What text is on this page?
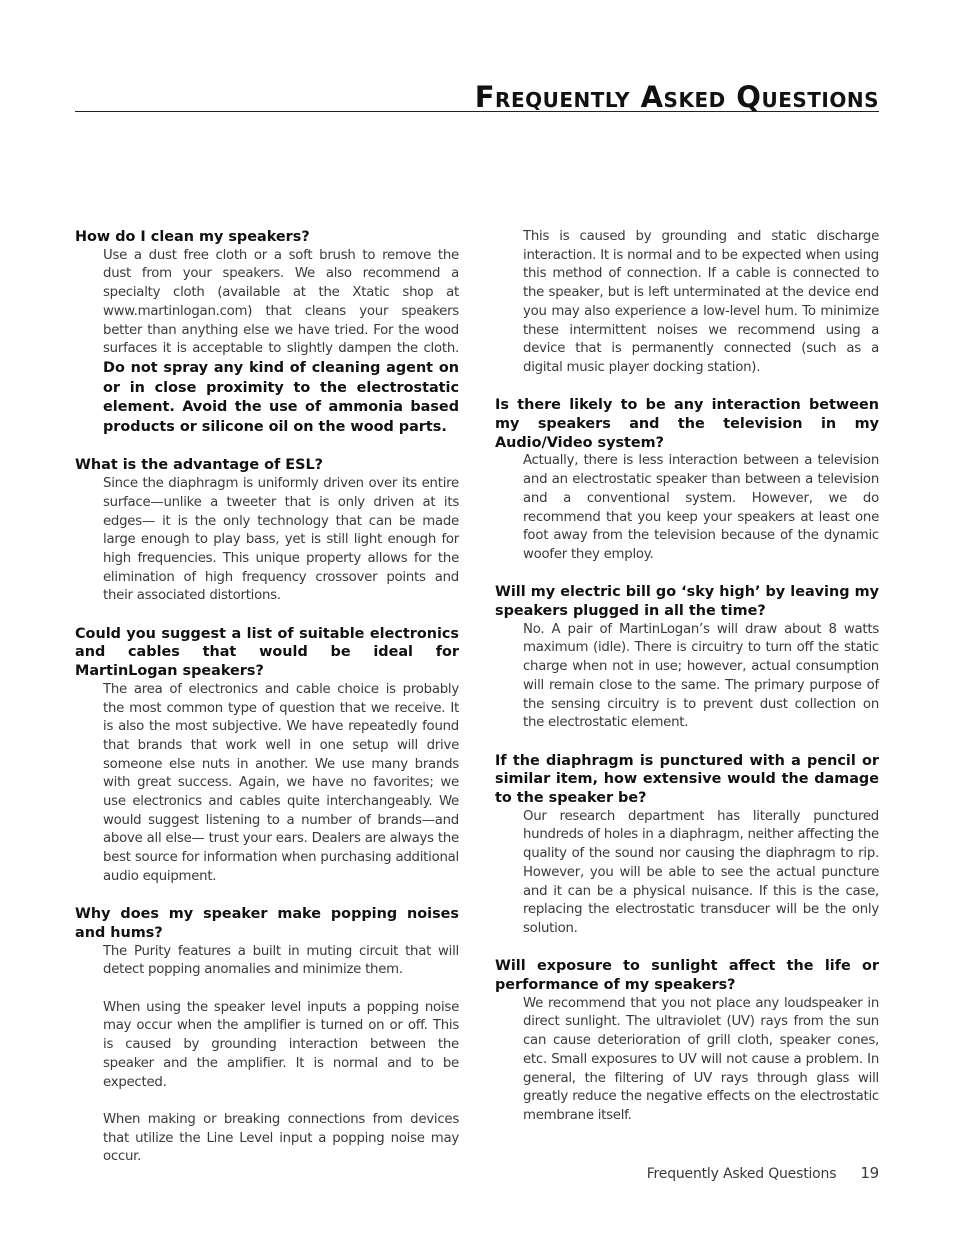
Frequently Asked Questions

How do I clean my speakers?

Use a dust free cloth or a soft brush to remove the dust from your speakers. We also recommend a specialty cloth (available at the Xtatic shop at www.martinlogan.com) that cleans your speakers better than anything else we have tried. For the wood surfaces it is acceptable to slightly dampen the cloth. Do not spray any kind of cleaning agent on or in close proximity to the electrostatic element. Avoid the use of ammonia based products or silicone oil on the wood parts.

What is the advantage of ESL?

Since the diaphragm is uniformly driven over its entire surface—unlike a tweeter that is only driven at its edges— it is the only technology that can be made large enough to play bass, yet is still light enough for high frequencies. This unique property allows for the elimination of high frequency crossover points and their associated distortions.

Could you suggest a list of suitable electronics and cables that would be ideal for MartinLogan speakers?

The area of electronics and cable choice is probably the most common type of question that we receive. It is also the most subjective. We have repeatedly found that brands that work well in one setup will drive someone else nuts in another. We use many brands with great success. Again, we have no favorites; we use electronics and cables quite interchangeably. We would suggest listening to a number of brands—and above all else— trust your ears. Dealers are always the best source for information when purchasing additional audio equipment.

Why does my speaker make popping noises and hums?

The Purity features a built in muting circuit that will detect popping anomalies and minimize them.

When using the speaker level inputs a popping noise may occur when the amplifier is turned on or off. This is caused by grounding interaction between the speaker and the amplifier. It is normal and to be expected.

When making or breaking connections from devices that utilize the Line Level input a popping noise may occur.

This is caused by grounding and static discharge interaction. It is normal and to be expected when using this method of connection. If a cable is connected to the speaker, but is left unterminated at the device end you may also experience a low-level hum. To minimize these intermittent noises we recommend using a device that is permanently connected (such as a digital music player docking station).

Is there likely to be any interaction between my speakers and the television in my Audio/Video system?

Actually, there is less interaction between a television and an electrostatic speaker than between a television and a conventional system. However, we do recommend that you keep your speakers at least one foot away from the television because of the dynamic woofer they employ.

Will my electric bill go ‘sky high’ by leaving my speakers plugged in all the time?

No. A pair of MartinLogan’s will draw about 8 watts maximum (idle). There is circuitry to turn off the static charge when not in use; however, actual consumption will remain close to the same. The primary purpose of the sensing circuitry is to prevent dust collection on the electrostatic element.

If the diaphragm is punctured with a pencil or similar item, how extensive would the damage to the speaker be?

Our research department has literally punctured hundreds of holes in a diaphragm, neither affecting the quality of the sound nor causing the diaphragm to rip. However, you will be able to see the actual puncture and it can be a physical nuisance. If this is the case, replacing the electrostatic transducer will be the only solution.

Will exposure to sunlight affect the life or performance of my speakers?

We recommend that you not place any loudspeaker in direct sunlight. The ultraviolet (UV) rays from the sun can cause deterioration of grill cloth, speaker cones, etc. Small exposures to UV will not cause a problem. In general, the filtering of UV rays through glass will greatly reduce the negative effects on the electrostatic membrane itself.

Frequently Asked Questions 19
